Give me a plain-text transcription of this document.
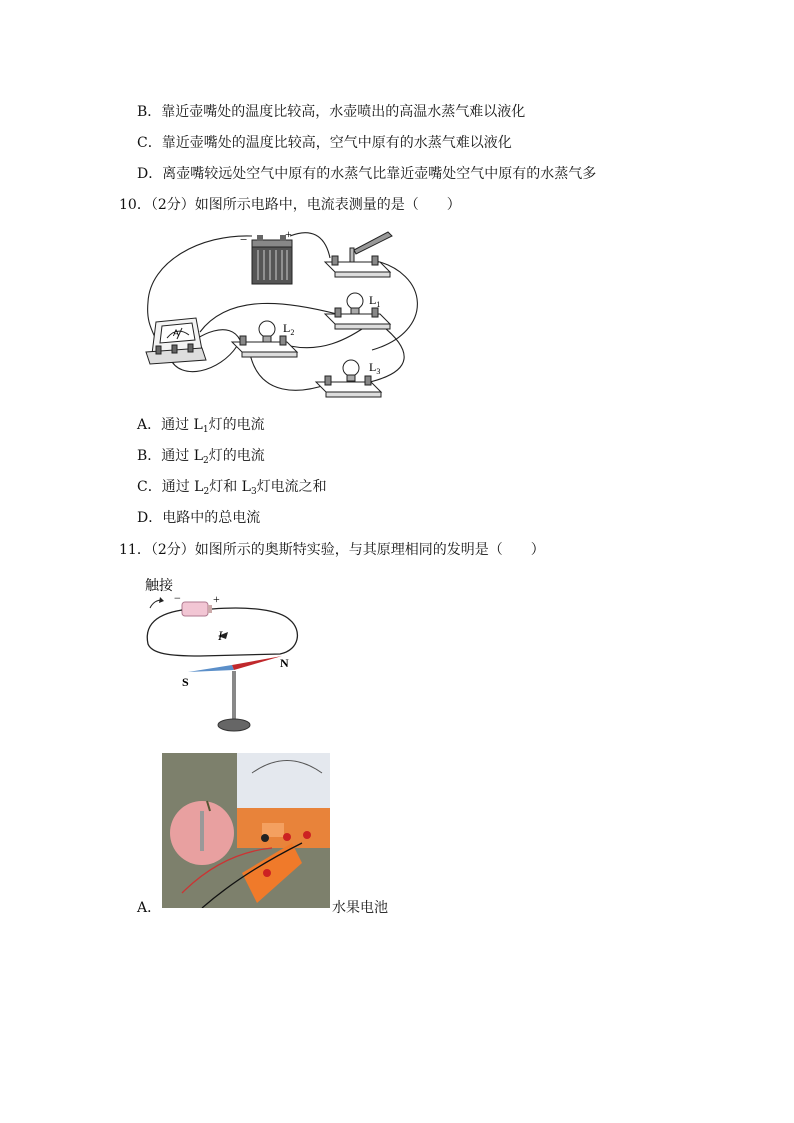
B．靠近壶嘴处的温度比较高，水壶喷出的高温水蒸气难以液化
C．靠近壶嘴处的温度比较高，空气中原有的水蒸气难以液化
D．离壶嘴较远处空气中原有的水蒸气比靠近壶嘴处空气中原有的水蒸气多
10．（2分）如图所示电路中，电流表测量的是（　　）
−	+
$L_1$
$L_2$
$L_3$
A
A．通过 $L_1$灯的电流
B．通过 $L_2$灯的电流
C．通过 $L_2$灯和 $L_3$灯电流之和
D．电路中的总电流
11．（2分）如图所示的奥斯特实验，与其原理相同的发明是（　　）
触接
−	+
I
S
N
A．	水果电池
